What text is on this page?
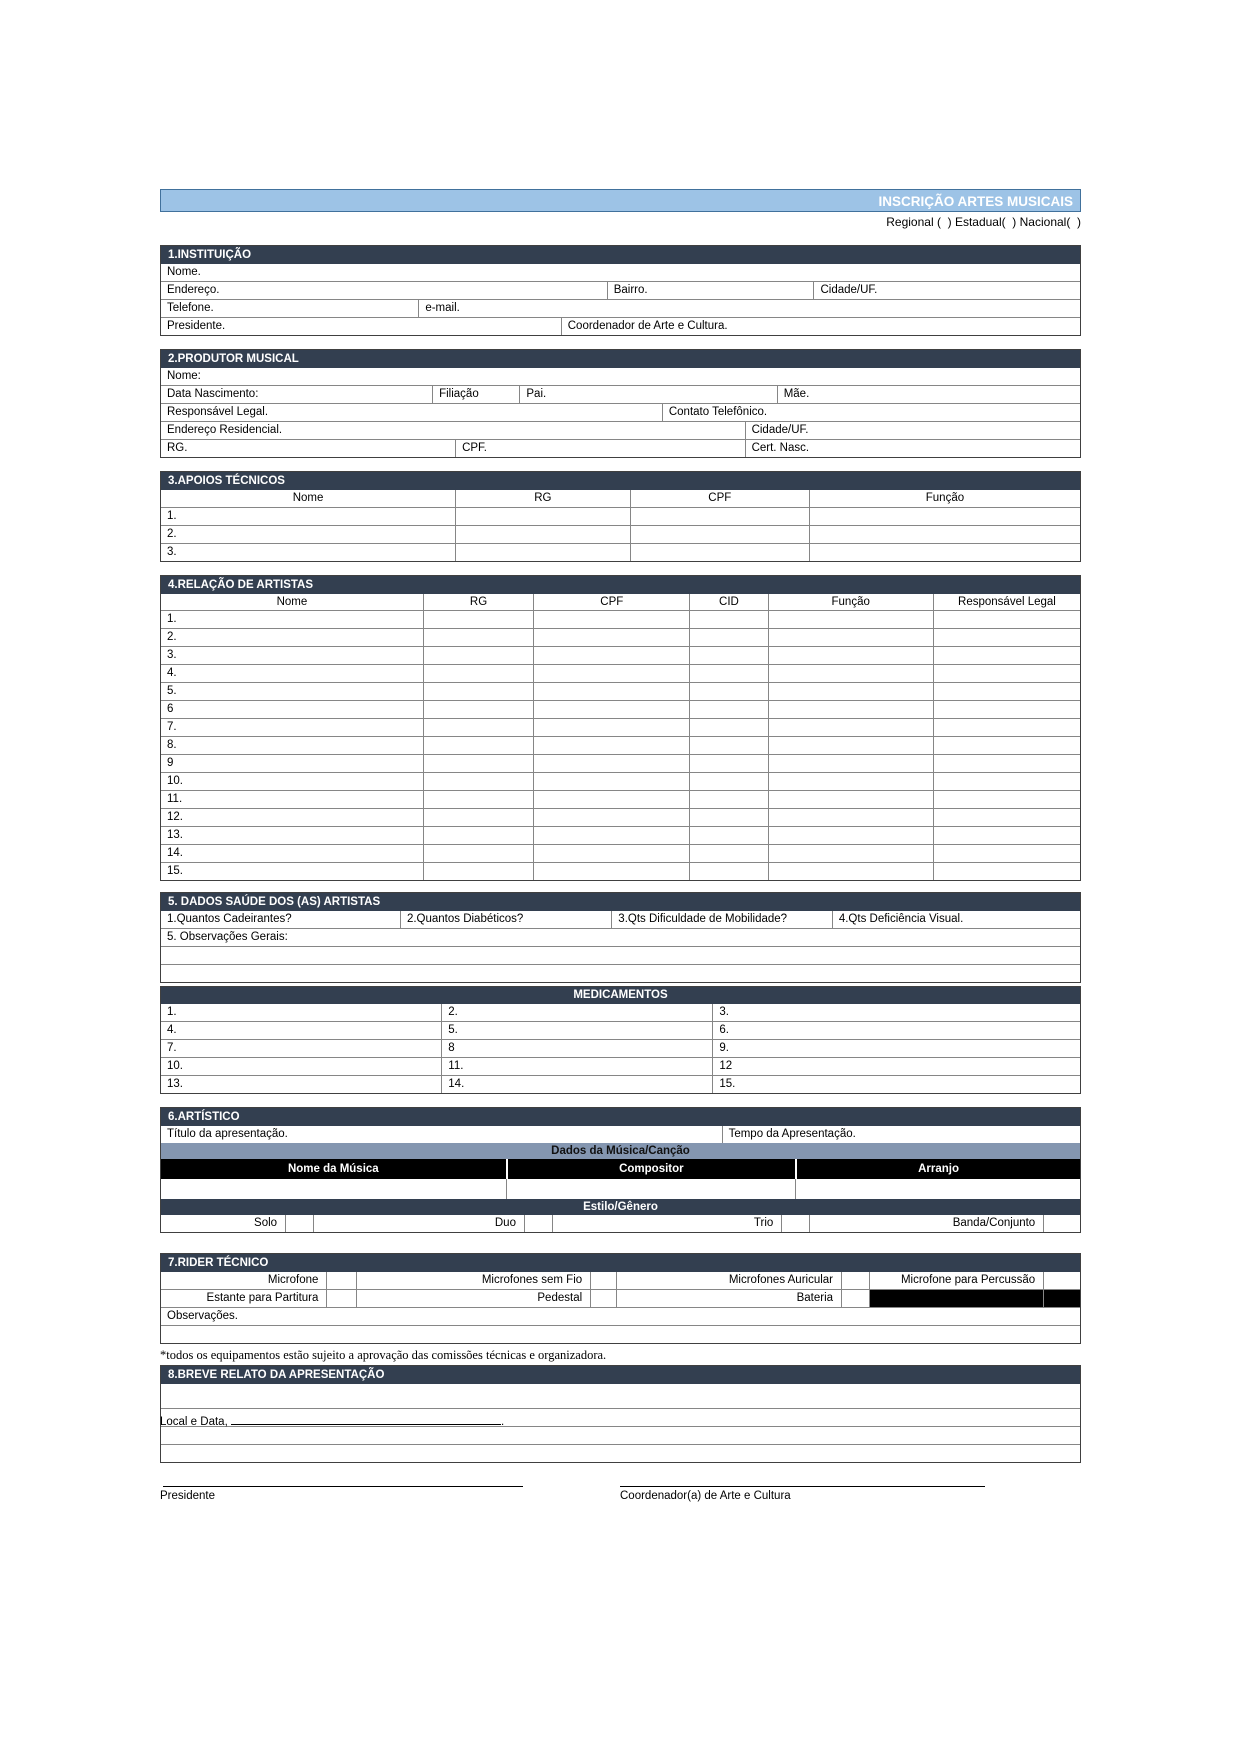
INSCRIÇÃO ARTES MUSICAIS
Regional (  ) Estadual(  ) Nacional(  )
1.INSTITUIÇÃO
Nome.
Endereço.	Bairro.	Cidade/UF.
Telefone.	e-mail.
Presidente.	Coordenador de Arte e Cultura.
2.PRODUTOR MUSICAL
Nome:
Data Nascimento:	Filiação	Pai.	Mãe.
Responsável Legal.	Contato Telefônico.
Endereço Residencial.	Cidade/UF.
RG.	CPF.	Cert. Nasc.
3.APOIOS TÉCNICOS
Nome	RG	CPF	Função
1.
2.
3.
4.RELAÇÃO DE ARTISTAS
Nome	RG	CPF	CID	Função	Responsável Legal
1.
2.
3.
4.
5.
6
7.
8.
9
10.
11.
12.
13.
14.
15.
5. DADOS SAÚDE DOS (AS) ARTISTAS
1.Quantos Cadeirantes?	2.Quantos Diabéticos?	3.Qts Dificuldade de Mobilidade?	4.Qts Deficiência Visual.
5. Observações Gerais:
MEDICAMENTOS
1.	2.	3.
4.	5.	6.
7.	8	9.
10.	11.	12
13.	14.	15.
6.ARTÍSTICO
Título da apresentação.	Tempo da Apresentação.
Dados da Música/Canção
Nome da Música	Compositor	Arranjo
Estilo/Gênero
Solo	Duo	Trio	Banda/Conjunto
7.RIDER TÉCNICO
Microfone	Microfones sem Fio	Microfones Auricular	Microfone para Percussão
Estante para Partitura	Pedestal	Bateria
Observações.
*todos os equipamentos estão sujeito a aprovação das comissões técnicas e organizadora.
8.BREVE RELATO DA APRESENTAÇÃO
Local e Data,	.
Presidente	Coordenador(a) de Arte e Cultura
